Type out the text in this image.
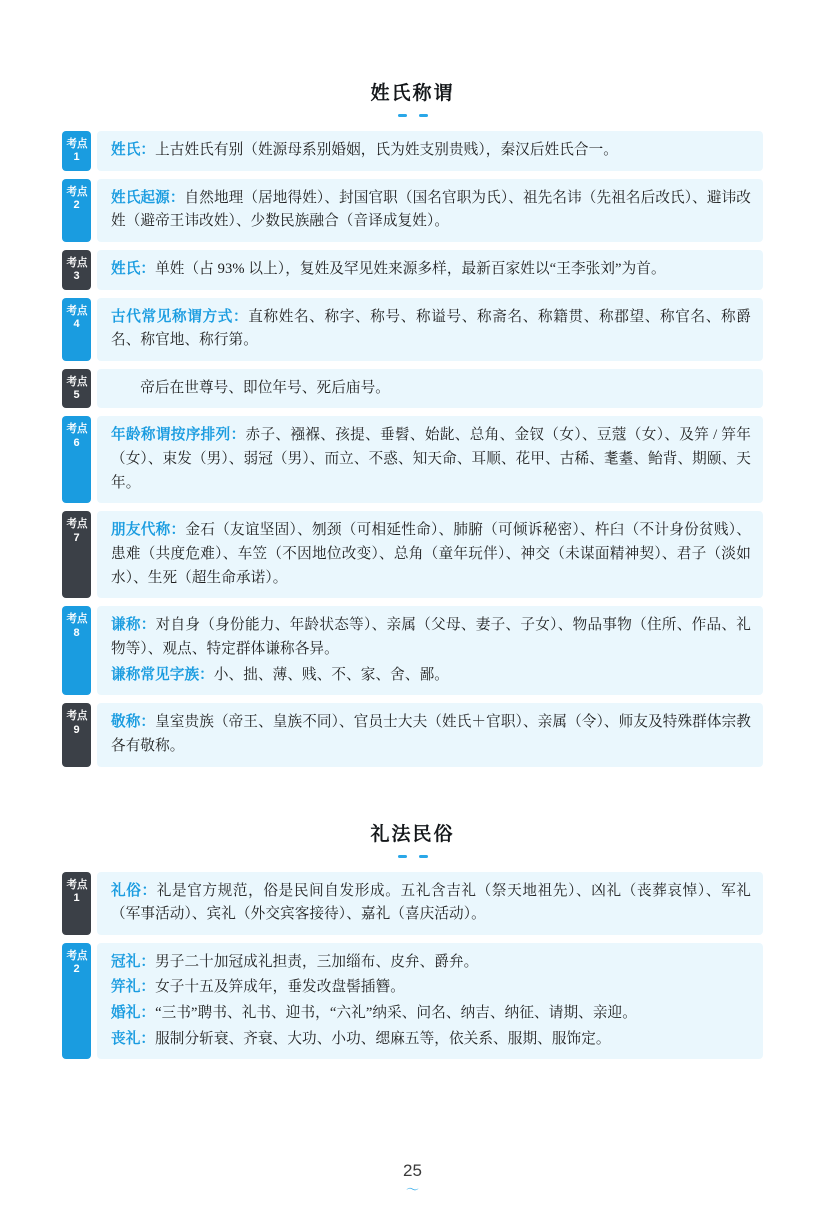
姓氏称谓
考点
1 姓氏：上古姓氏有别（姓源母系别婚姻，氏为姓支别贵贱），秦汉后姓氏合一。

考点
2 姓氏起源：自然地理（居地得姓）、封国官职（国名官职为氏）、祖先名讳（先祖名后改氏）、避讳改姓（避帝王讳改姓）、少数民族融合（音译成复姓）。

考点
3 姓氏：单姓（占 93% 以上），复姓及罕见姓来源多样，最新百家姓以“王李张刘”为首。

考点
4 古代常见称谓方式：直称姓名、称字、称号、称谥号、称斋名、称籍贯、称郡望、称官名、称爵名、称官地、称行第。

考点
5	帝后在世尊号、即位年号、死后庙号。

考点
6 年龄称谓按序排列：赤子、襁褓、孩提、垂髫、始龀、总角、金钗（女）、豆蔻（女）、及笄 / 笄年（女）、束发（男）、弱冠（男）、而立、不惑、知天命、耳顺、花甲、古稀、耄耋、鲐背、期颐、天年。

考点
7 朋友代称：金石（友谊坚固）、刎颈（可相延性命）、肺腑（可倾诉秘密）、杵臼（不计身份贫贱）、患难（共度危难）、车笠（不因地位改变）、总角（童年玩伴）、神交（未谋面精神契）、君子（淡如水）、生死（超生命承诺）。

考点
8 谦称：对自身（身份能力、年龄状态等）、亲属（父母、妻子、子女）、物品事物（住所、作品、礼物等）、观点、特定群体谦称各异。

谦称常见字族：小、拙、薄、贱、不、家、舍、鄙。

考点
9 敬称：皇室贵族（帝王、皇族不同）、官员士大夫（姓氏＋官职）、亲属（令）、师友及特殊群体宗教各有敬称。

礼法民俗
考点
1 礼俗：礼是官方规范，俗是民间自发形成。五礼含吉礼（祭天地祖先）、凶礼（丧葬哀悼）、军礼（军事活动）、宾礼（外交宾客接待）、嘉礼（喜庆活动）。

考点
2 冠礼：男子二十加冠成礼担责，三加缁布、皮弁、爵弁。

笄礼：女子十五及笄成年，垂发改盘髻插簪。

婚礼：“三书”聘书、礼书、迎书，“六礼”纳采、问名、纳吉、纳征、请期、亲迎。

丧礼：服制分斩衰、齐衰、大功、小功、缌麻五等，依关系、服期、服饰定。

25
〜
